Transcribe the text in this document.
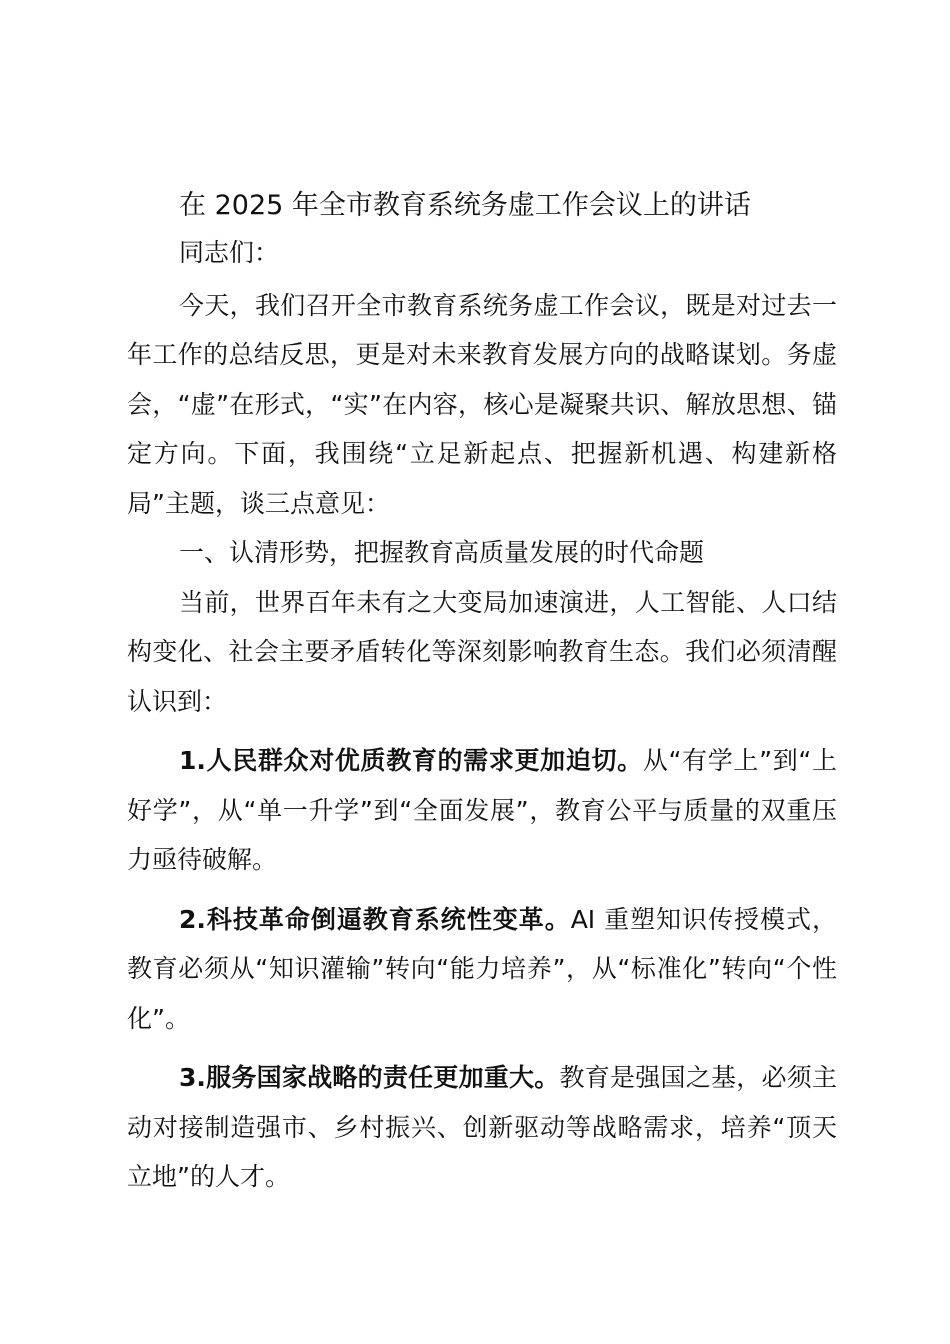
在 2025 年全市教育系统务虚工作会议上的讲话

同志们：

今天，我们召开全市教育系统务虚工作会议，既是对过去一年工作的总结反思，更是对未来教育发展方向的战略谋划。务虚会，“虚”在形式，“实”在内容，核心是凝聚共识、解放思想、锚定方向。下面，我围绕“立足新起点、把握新机遇、构建新格局”主题，谈三点意见：

一、认清形势，把握教育高质量发展的时代命题

当前，世界百年未有之大变局加速演进，人工智能、人口结构变化、社会主要矛盾转化等深刻影响教育生态。我们必须清醒认识到：

1.人民群众对优质教育的需求更加迫切。从“有学上”到“上好学”，从“单一升学”到“全面发展”，教育公平与质量的双重压力亟待破解。

2.科技革命倒逼教育系统性变革。AI 重塑知识传授模式，教育必须从“知识灌输”转向“能力培养”，从“标准化”转向“个性化”。

3.服务国家战略的责任更加重大。教育是强国之基，必须主动对接制造强市、乡村振兴、创新驱动等战略需求，培养“顶天立地”的人才。
